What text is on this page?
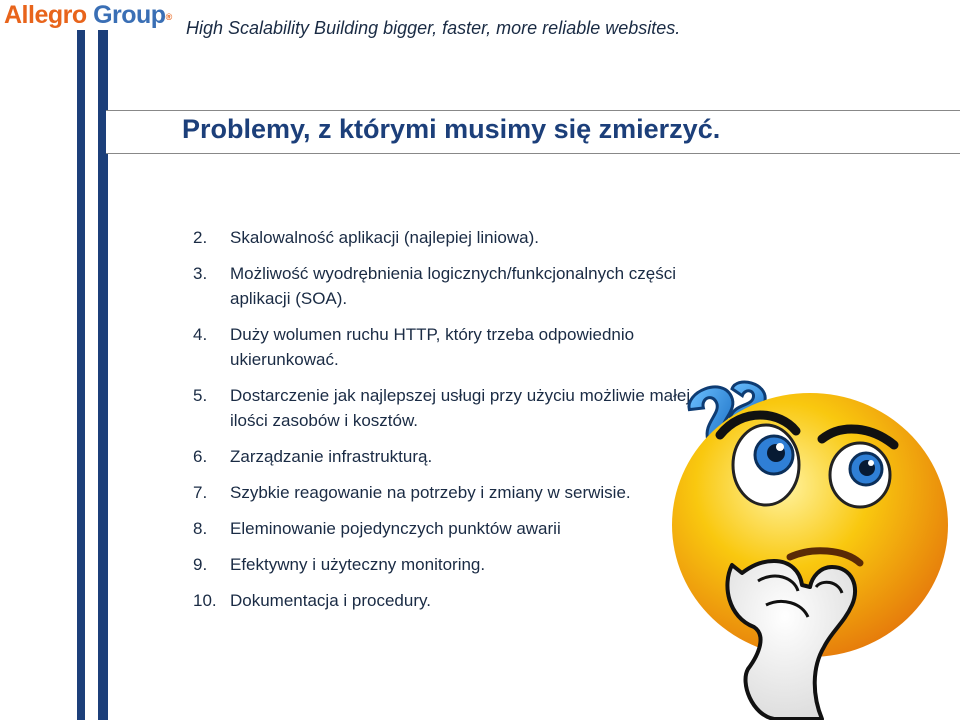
Allegro Group®
High Scalability Building bigger, faster, more reliable websites.
Problemy, z którymi musimy się zmierzyć.
2.	Skalowalność aplikacji (najlepiej liniowa).
3.	Możliwość wyodrębnienia logicznych/funkcjonalnych części aplikacji (SOA).
4.	Duży wolumen ruchu HTTP, który trzeba odpowiednio ukierunkować.
5.	Dostarczenie jak najlepszej usługi przy użyciu możliwie małej ilości zasobów i kosztów.
6.	Zarządzanie infrastrukturą.
7.	Szybkie reagowanie na potrzeby i zmiany w serwisie.
8.	Eleminowanie pojedynczych punktów awarii
9.	Efektywny i użyteczny monitoring.
10. Dokumentacja i procedury.
